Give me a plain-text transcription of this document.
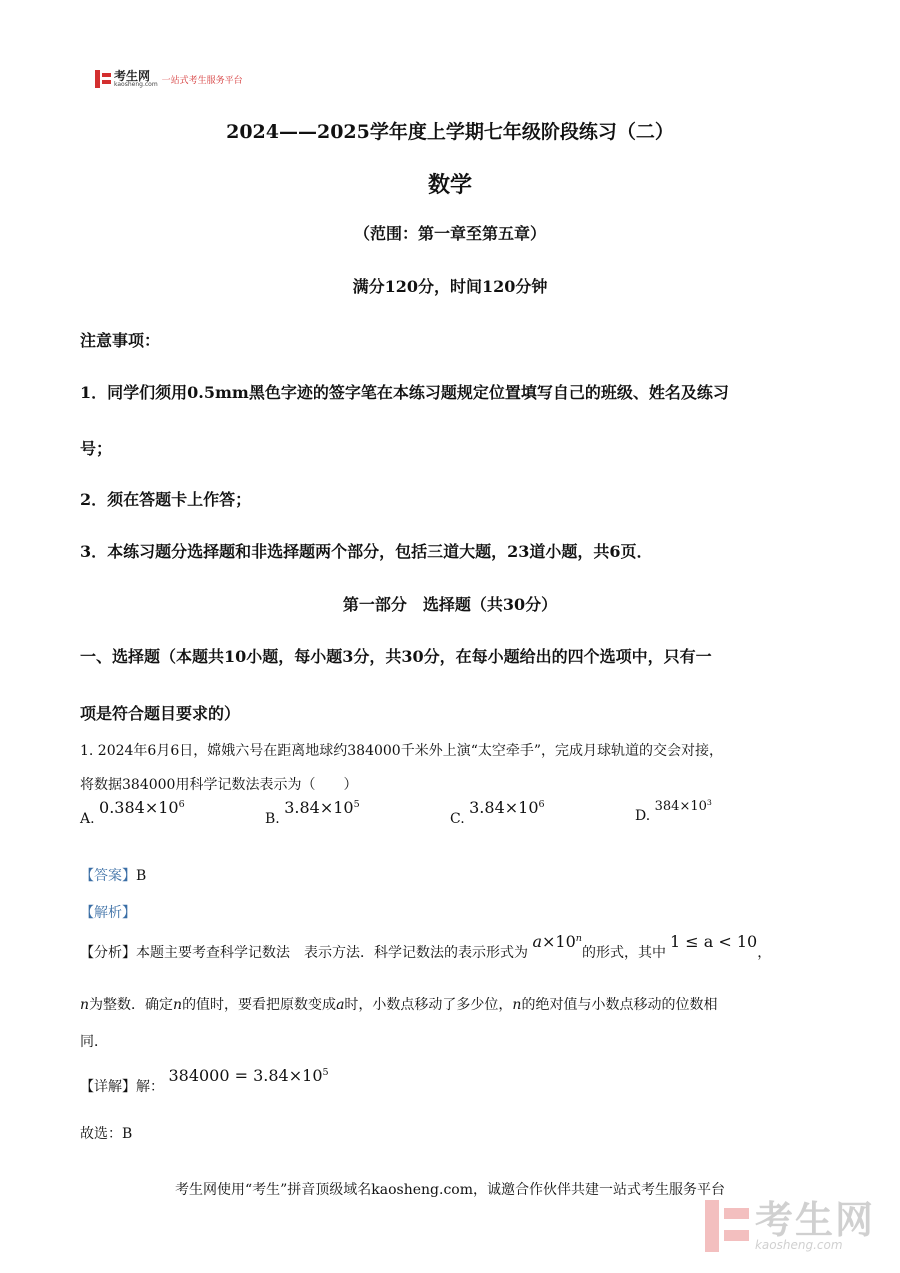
考生网
kaosheng.com 一站式考生服务平台
2024——2025学年度上学期七年级阶段练习（二）
数学
（范围：第一章至第五章）
满分120分，时间120分钟
注意事项：
1．同学们须用0.5mm黑色字迹的签字笔在本练习题规定位置填写自己的班级、姓名及练习
号；
2．须在答题卡上作答；
3．本练习题分选择题和非选择题两个部分，包括三道大题，23道小题，共6页．
第一部分　选择题（共30分）
一、选择题（本题共10小题，每小题3分，共30分，在每小题给出的四个选项中，只有一
项是符合题目要求的）
1. 2024年6月6日，嫦娥六号在距离地球约384000千米外上演“太空牵手”，完成月球轨道的交会对接，
将数据384000用科学记数法表示为（　　）
A. $0.384\times 10^6$
B. $3.84\times 10^5$
C. $3.84\times 10^6$
D. $384\times 10^3$
【答案】B
【解析】
【分析】本题主要考查科学记数法　表示方法．科学记数法的表示形式为 $a\times 10^n$的形式，其中1 ≤ a < 10，
n为整数．确定n的值时，要看把原数变成a时，小数点移动了多少位，n的绝对值与小数点移动的位数相
同．
【详解】解： $384000 = 3.84\times 10^5$
故选：B
考生网使用“考生”拼音顶级域名kaosheng.com，诚邀合作伙伴共建一站式考生服务平台
考生网
kaosheng.com
